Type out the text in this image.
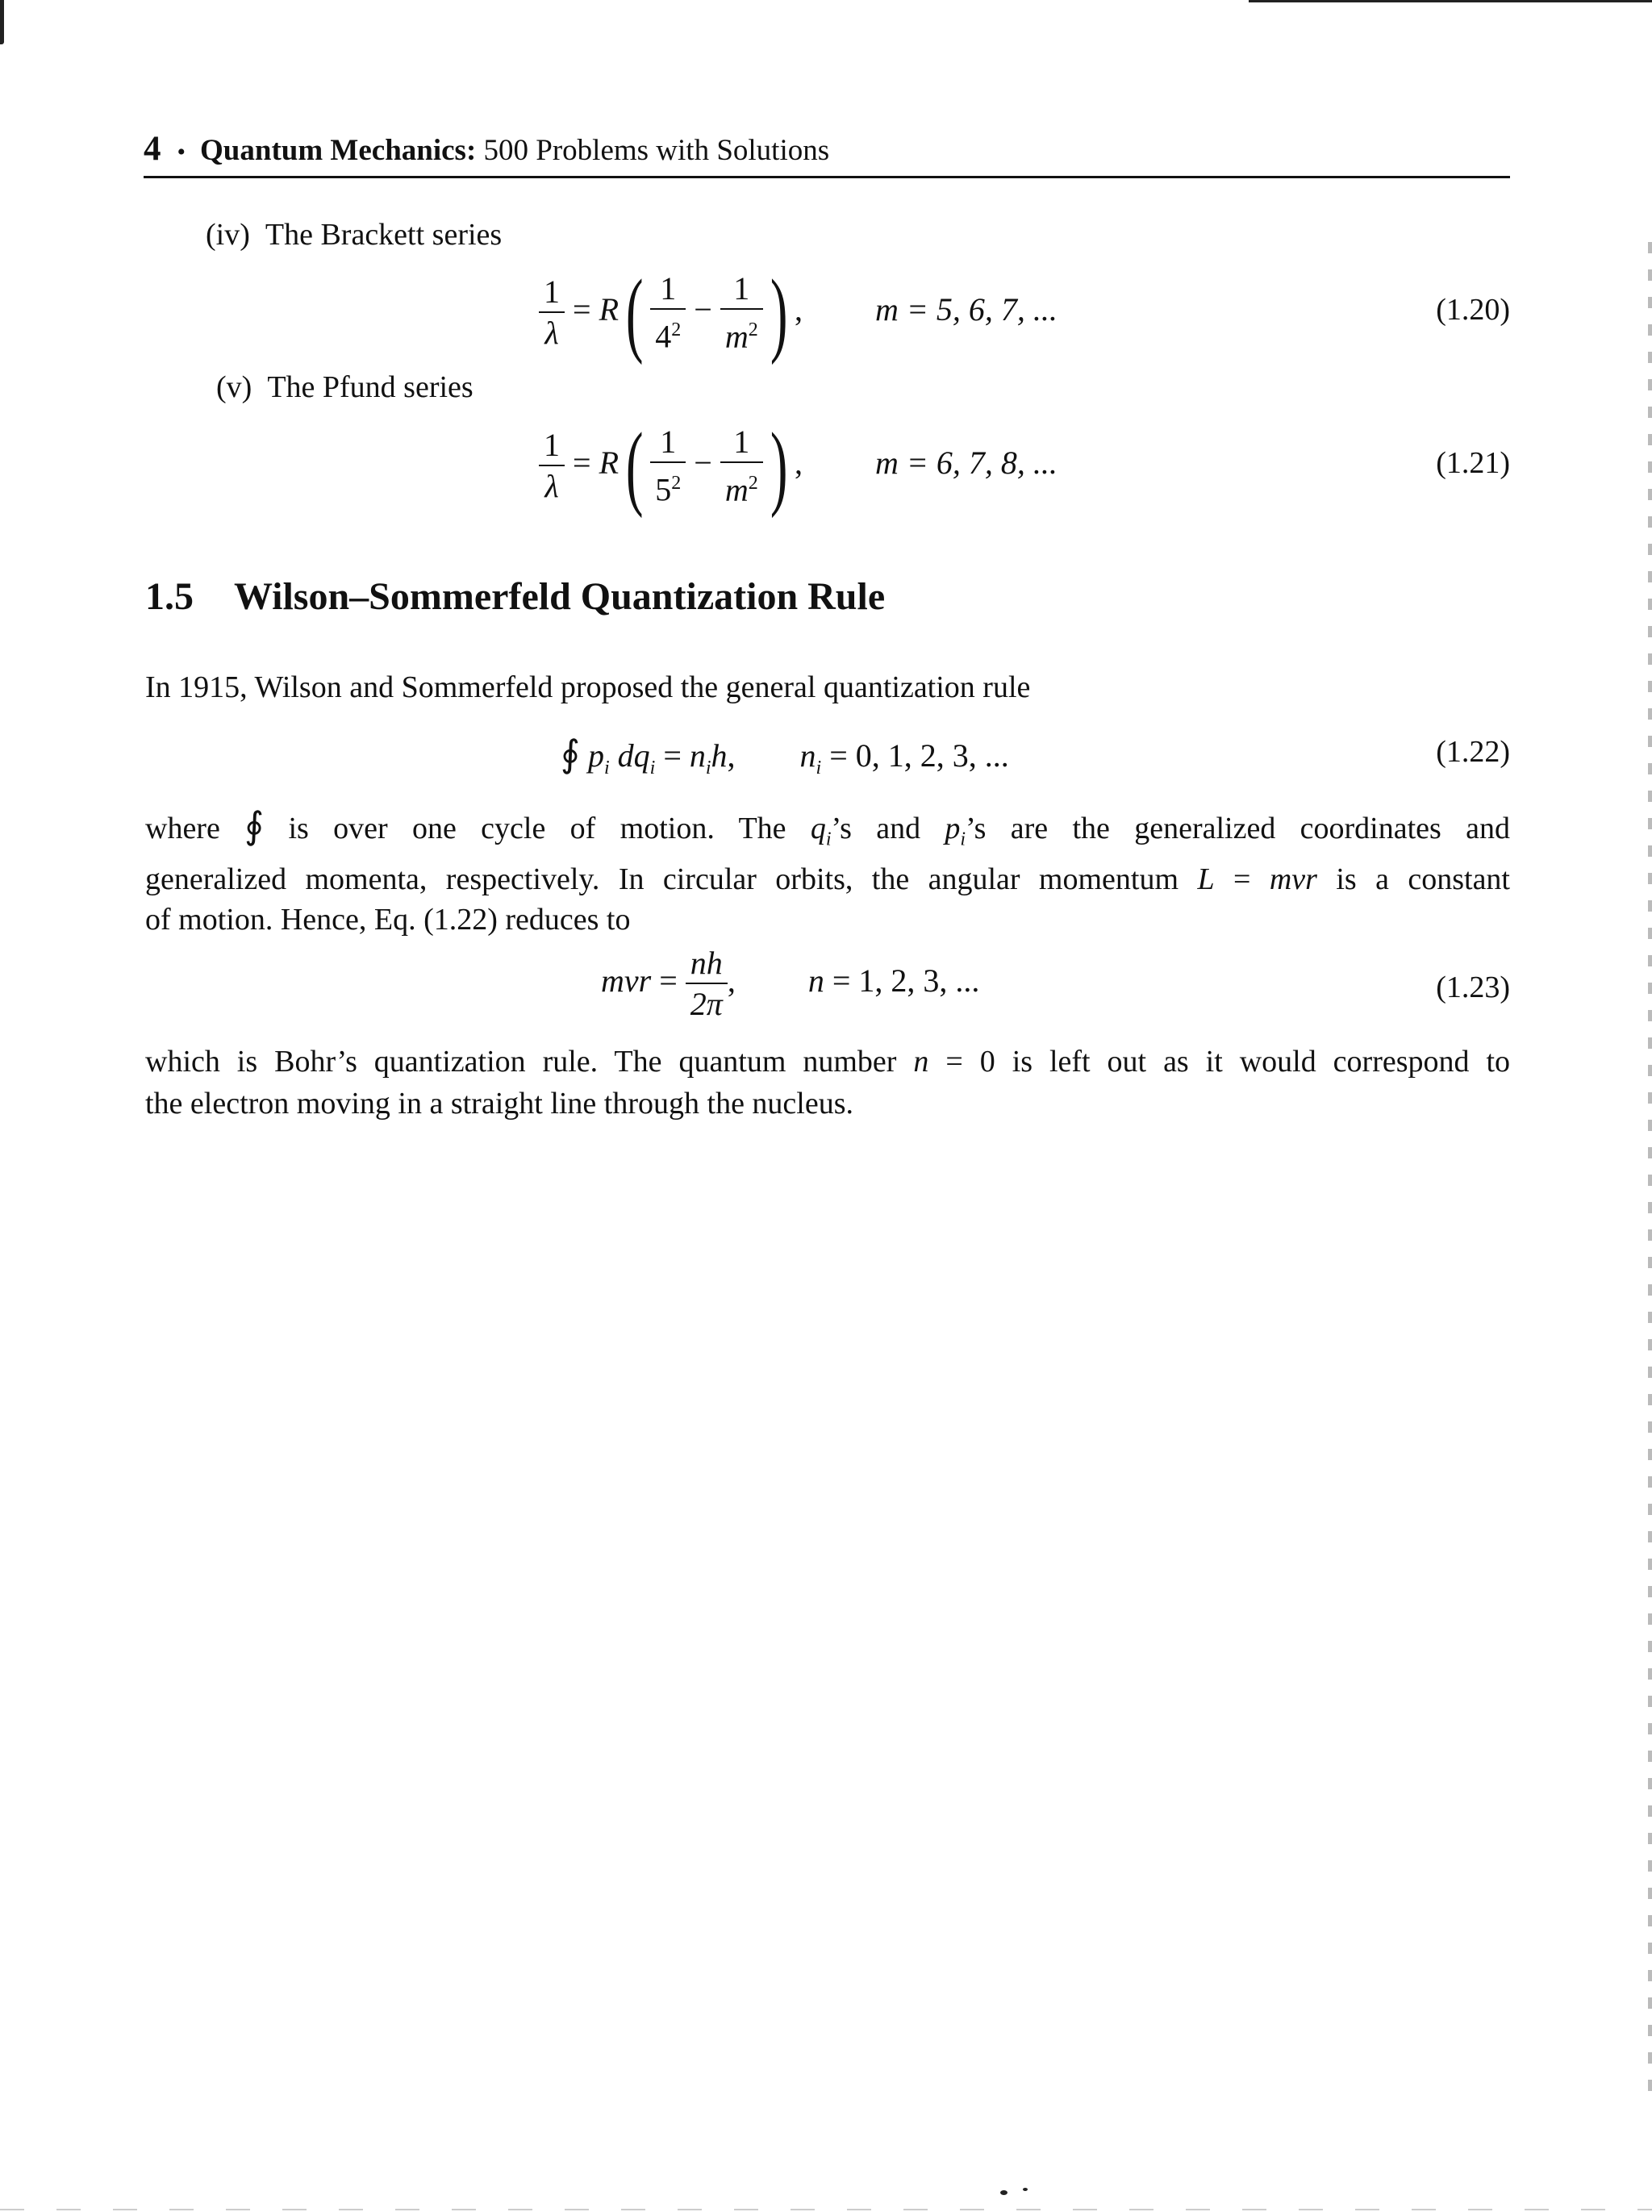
4 • Quantum Mechanics: 500 Problems with Solutions
(iv) The Brackett series
$\frac{1}{\lambda} = R( \frac{1}{4^2} - \frac{1}{m^2}$ ) , m = 5, 6, 7, ...	(1.20)
(v) The Pfund series
$\frac{1}{\lambda} = R( \frac{1}{5^2} - \frac{1}{m^2}$ ) , m = 6, 7, 8, ...	(1.21)
1.5 Wilson–Sommerfeld Quantization Rule
In 1915, Wilson and Sommerfeld proposed the general quantization rule
∮ $p_i$ $dq_i = n_ih$, $n_i = 0$, 1, 2, 3, ...	(1.22)
where ∮ is over one cycle of motion. The $q_i’s$ and $p_i’s$ are the generalized coordinates and
generalized momenta, respectively. In circular orbits, the angular momentum L = mvr is a constant
of motion. Hence, Eq. (1.22) reduces to
mvr = $\frac{nh}{2\pi}$ , n = 1, 2, 3, ...	(1.23)
which is Bohr’s quantization rule. The quantum number n = 0 is left out as it would correspond to
the electron moving in a straight line through the nucleus.
